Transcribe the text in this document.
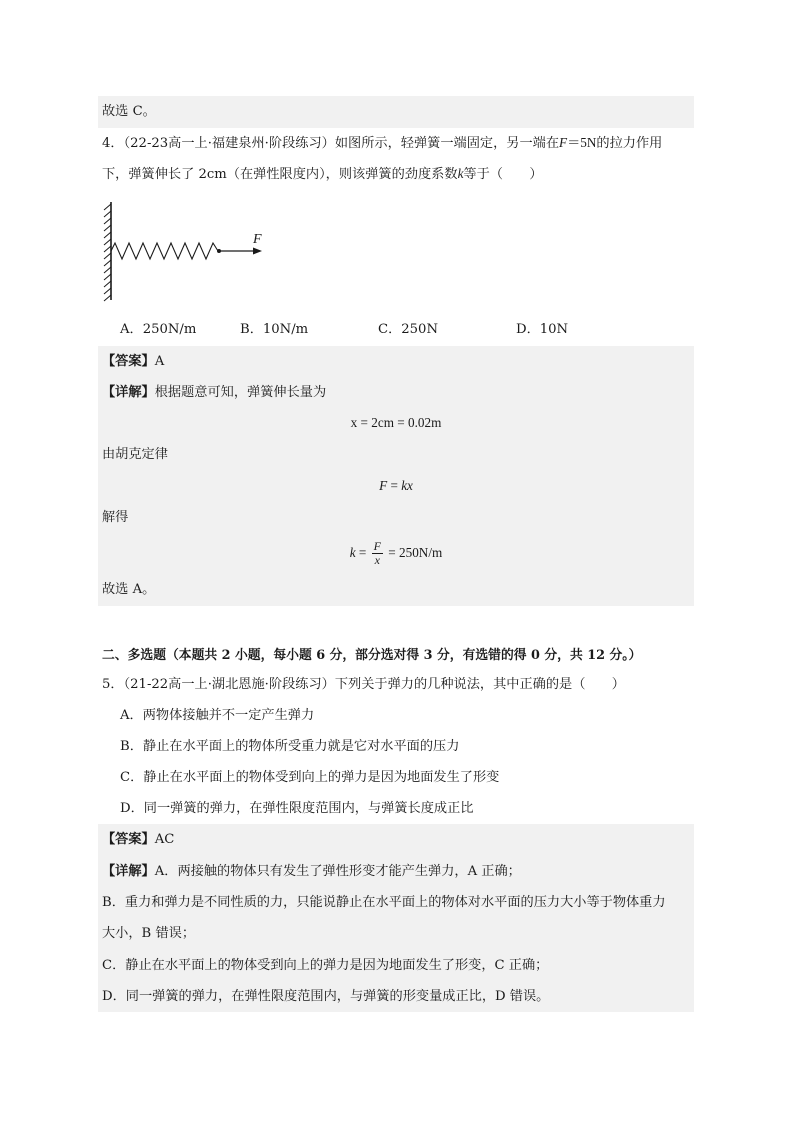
故选 C。
4．（22-23高一上·福建泉州·阶段练习）如图所示，轻弹簧一端固定，另一端在F＝5N的拉力作用
下，弹簧伸长了 2cm（在弹性限度内），则该弹簧的劲度系数k等于（　　）
F
A．250N/m	B．10N/m	C．250N	D．10N
【答案】A
【详解】根据题意可知，弹簧伸长量为
x = 2cm = 0.02m
由胡克定律
F = kx
解得
$k = \frac{F}{x} = 250N/m$
故选 A。
二、多选题（本题共 2 小题，每小题 6 分，部分选对得 3 分，有选错的得 0 分，共 12 分。）
5．（21-22高一上·湖北恩施·阶段练习）下列关于弹力的几种说法，其中正确的是（　　）
A．两物体接触并不一定产生弹力
B．静止在水平面上的物体所受重力就是它对水平面的压力
C．静止在水平面上的物体受到向上的弹力是因为地面发生了形变
D．同一弹簧的弹力，在弹性限度范围内，与弹簧长度成正比
【答案】AC
【详解】A．两接触的物体只有发生了弹性形变才能产生弹力，A 正确；
B．重力和弹力是不同性质的力，只能说静止在水平面上的物体对水平面的压力大小等于物体重力
大小，B 错误；
C．静止在水平面上的物体受到向上的弹力是因为地面发生了形变，C 正确；
D．同一弹簧的弹力，在弹性限度范围内，与弹簧的形变量成正比，D 错误。
